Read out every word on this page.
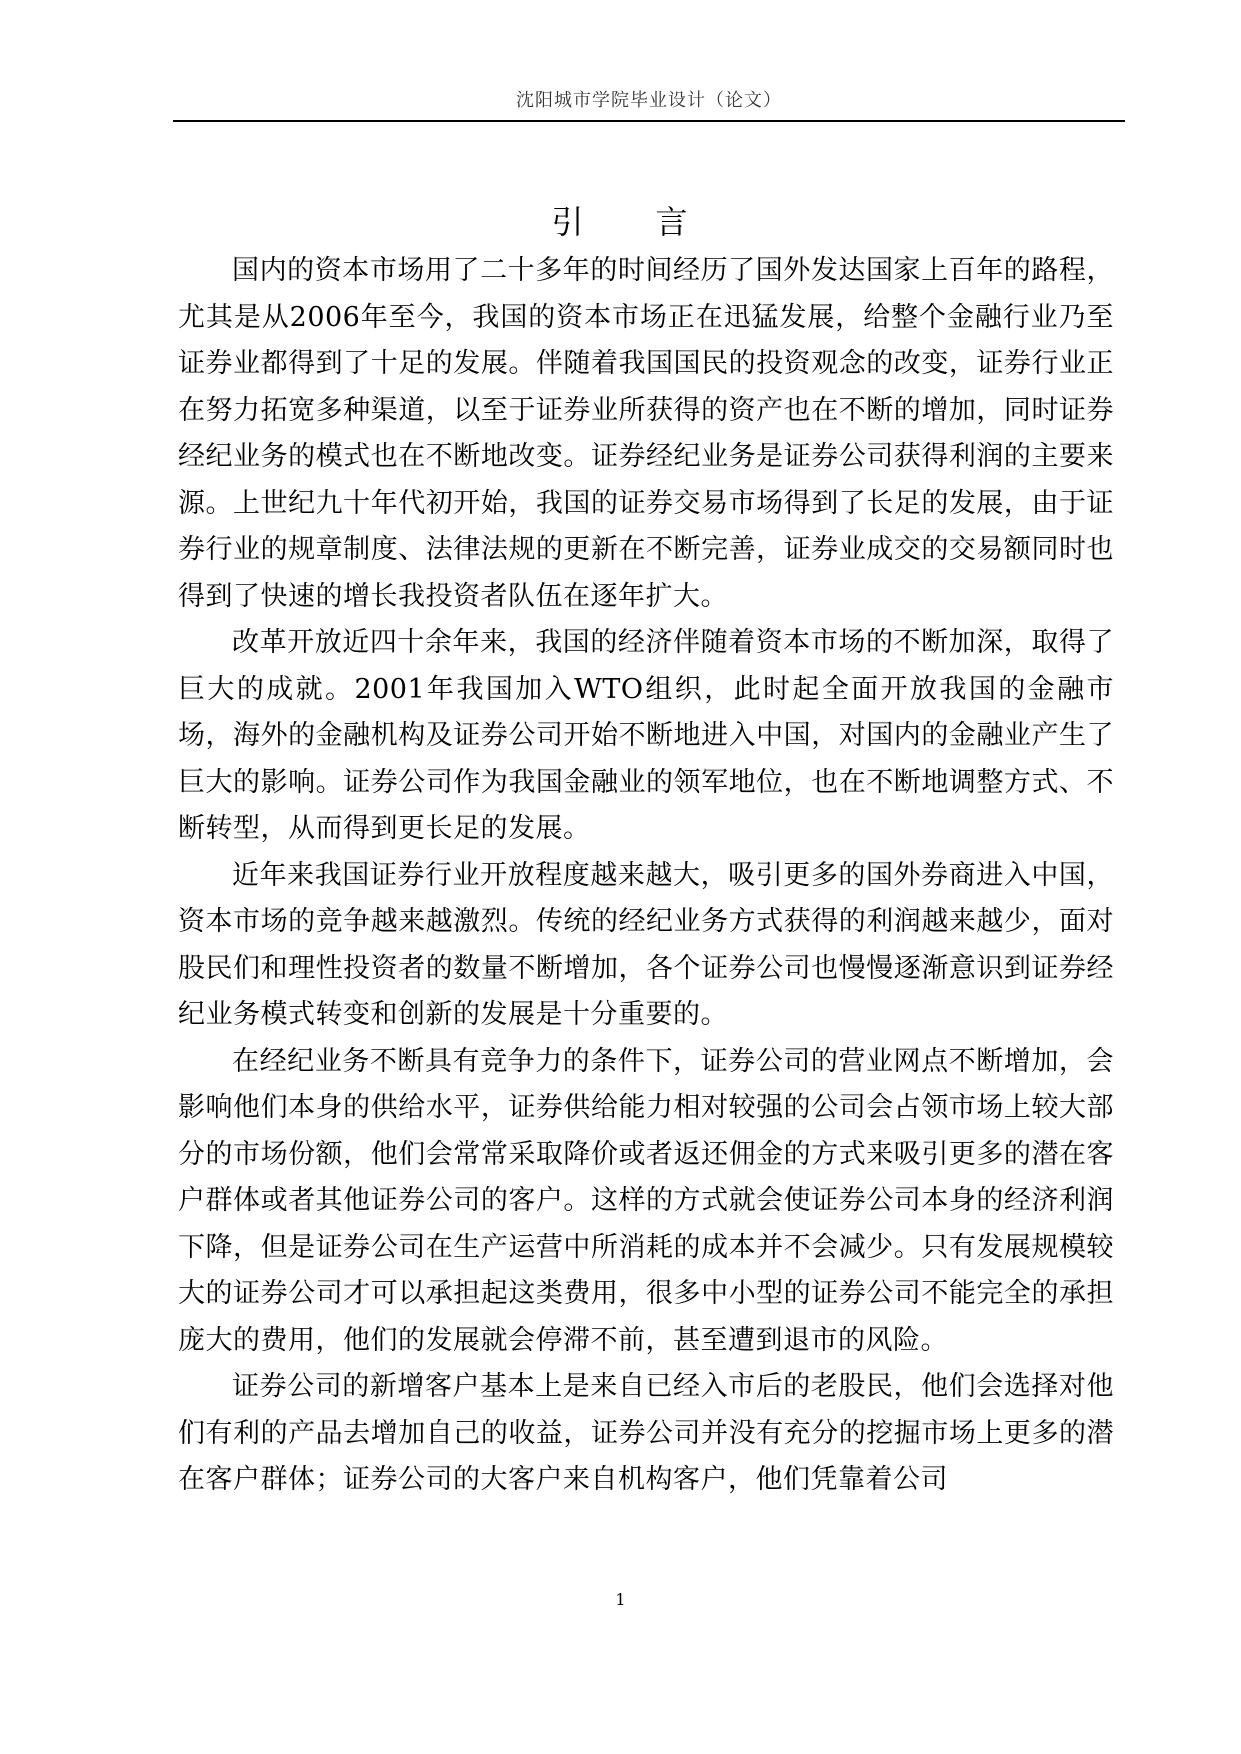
沈阳城市学院毕业设计（论文）
引 言

国内的资本市场用了二十多年的时间经历了国外发达国家上百年的路程，尤其是从2006年至今，我国的资本市场正在迅猛发展，给整个金融行业乃至证券业都得到了十足的发展。伴随着我国国民的投资观念的改变，证券行业正在努力拓宽多种渠道，以至于证券业所获得的资产也在不断的增加，同时证券经纪业务的模式也在不断地改变。证券经纪业务是证券公司获得利润的主要来源。上世纪九十年代初开始，我国的证券交易市场得到了长足的发展，由于证券行业的规章制度、法律法规的更新在不断完善，证券业成交的交易额同时也得到了快速的增长我投资者队伍在逐年扩大。

改革开放近四十余年来，我国的经济伴随着资本市场的不断加深，取得了巨大的成就。2001年我国加入WTO组织，此时起全面开放我国的金融市场，海外的金融机构及证券公司开始不断地进入中国，对国内的金融业产生了巨大的影响。证券公司作为我国金融业的领军地位，也在不断地调整方式、不断转型，从而得到更长足的发展。

近年来我国证券行业开放程度越来越大，吸引更多的国外券商进入中国，资本市场的竞争越来越激烈。传统的经纪业务方式获得的利润越来越少，面对股民们和理性投资者的数量不断增加，各个证券公司也慢慢逐渐意识到证券经纪业务模式转变和创新的发展是十分重要的。

在经纪业务不断具有竞争力的条件下，证券公司的营业网点不断增加，会影响他们本身的供给水平，证券供给能力相对较强的公司会占领市场上较大部分的市场份额，他们会常常采取降价或者返还佣金的方式来吸引更多的潜在客户群体或者其他证券公司的客户。这样的方式就会使证券公司本身的经济利润下降，但是证券公司在生产运营中所消耗的成本并不会减少。只有发展规模较大的证券公司才可以承担起这类费用，很多中小型的证券公司不能完全的承担庞大的费用，他们的发展就会停滞不前，甚至遭到退市的风险。

证券公司的新增客户基本上是来自已经入市后的老股民，他们会选择对他们有利的产品去增加自己的收益，证券公司并没有充分的挖掘市场上更多的潜在客户群体；证券公司的大客户来自机构客户，他们凭靠着公司

1
